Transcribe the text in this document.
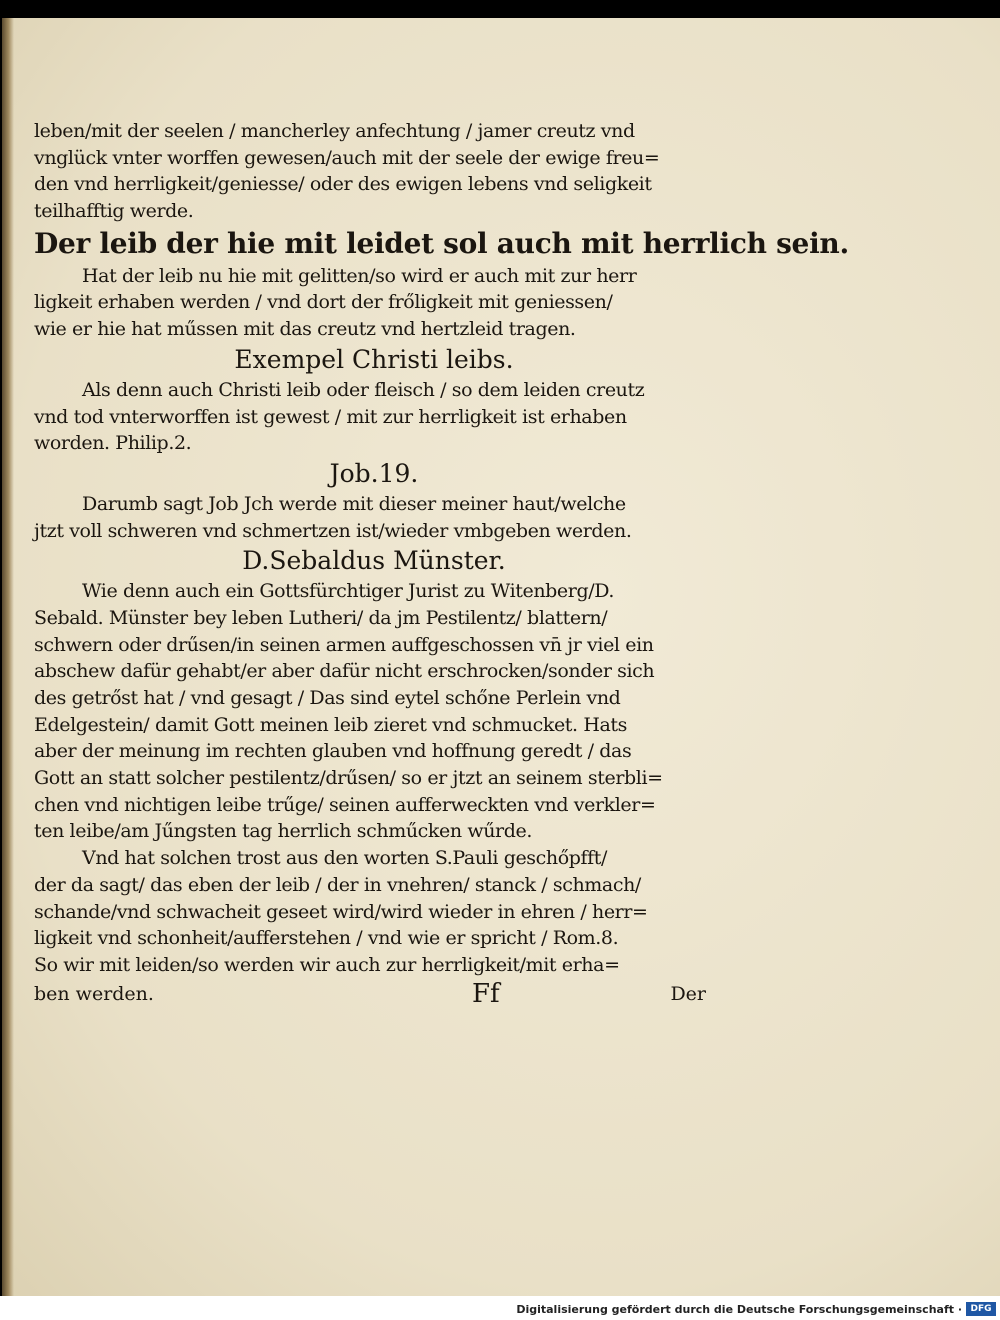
leben/mit der seelen / mancherley anfechtung / jamer creutz vnd
vnglück vnter worffen gewesen/auch mit der seele der ewige freu=
den vnd herrligkeit/geniesse/ oder des ewigen lebens vnd seligkeit
teilhafftig werde.
Der leib der hie mit leidet sol auch mit herrlich sein.
Hat der leib nu hie mit gelitten/so wird er auch mit zur herr
ligkeit erhaben werden / vnd dort der frőligkeit mit geniessen/
wie er hie hat műssen mit das creutz vnd hertzleid tragen.
Exempel Christi leibs.
Als denn auch Christi leib oder fleisch / so dem leiden creutz
vnd tod vnterworffen ist gewest / mit zur herrligkeit ist erhaben
worden. Philip.2.
Job.19.
Darumb sagt Job Jch werde mit dieser meiner haut/welche
jtzt voll schweren vnd schmertzen ist/wieder vmbgeben werden.
D.Sebaldus Münster.
Wie denn auch ein Gottsfürchtiger Jurist zu Witenberg/D.
Sebald. Münster bey leben Lutheri/ da jm Pestilentz/ blattern/
schwern oder drűsen/in seinen armen auffgeschossen vn̄ jr viel ein
abschew dafür gehabt/er aber dafür nicht erschrocken/sonder sich
des getrőst hat / vnd gesagt / Das sind eytel schőne Perlein vnd
Edelgestein/ damit Gott meinen leib zieret vnd schmucket. Hats
aber der meinung im rechten glauben vnd hoffnung geredt / das
Gott an statt solcher pestilentz/drűsen/ so er jtzt an seinem sterbli=
chen vnd nichtigen leibe trűge/ seinen aufferweckten vnd verkler=
ten leibe/am Jűngsten tag herrlich schműcken wűrde.
Vnd hat solchen trost aus den worten S.Pauli geschőpfft/
der da sagt/ das eben der leib / der in vnehren/ stanck / schmach/
schande/vnd schwacheit geseet wird/wird wieder in ehren / herr=
ligkeit vnd schonheit/aufferstehen / vnd wie er spricht / Rom.8.
So wir mit leiden/so werden wir auch zur herrligkeit/mit erha=
ben werden.	Ff	Der
Digitalisierung gefördert durch die Deutsche Forschungsgemeinschaft · DFG
